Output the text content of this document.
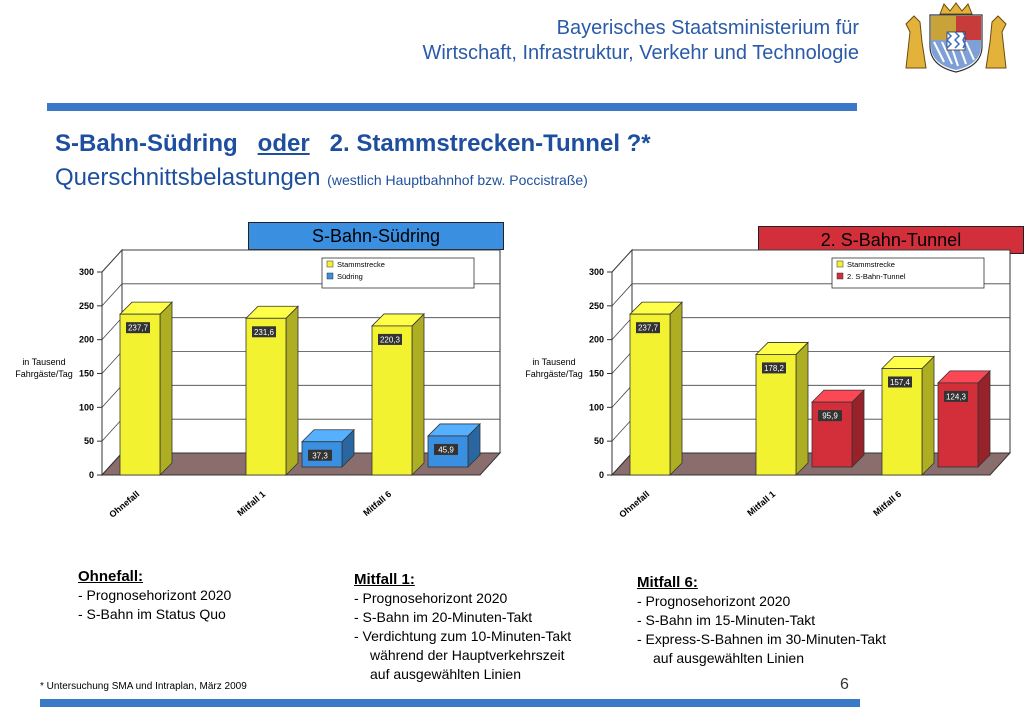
Bayerisches Staatsministerium für
Wirtschaft, Infrastruktur, Verkehr und Technologie
S-Bahn-Südring oder 2. Stammstrecken-Tunnel ?*
Querschnittsbelastungen (westlich Hauptbahnhof bzw. Poccistraße)
S-Bahn-Südring	2. S-Bahn-Tunnel
0
50
100
150
200
250
300
in Tausend
Fahrgäste/Tag
237,7
Ohnefall
231,6
37,3
Mitfall 1
220,3
45,9
Mitfall 6
Stammstrecke
Südring
0
50
100
150
200
250
300
in Tausend
Fahrgäste/Tag
237,7
Ohnefall
178,2
95,9
Mitfall 1
157,4
124,3
Mitfall 6
Stammstrecke
2. S-Bahn-Tunnel
Ohnefall:
- Prognosehorizont 2020
- S-Bahn im Status Quo
Mitfall 1:
- Prognosehorizont 2020
- S-Bahn im 20-Minuten-Takt
- Verdichtung zum 10-Minuten-Takt
während der Hauptverkehrszeit
auf ausgewählten Linien
Mitfall 6:
- Prognosehorizont 2020
- S-Bahn im 15-Minuten-Takt
- Express-S-Bahnen im 30-Minuten-Takt
auf ausgewählten Linien
* Untersuchung SMA und Intraplan, März 2009	6
